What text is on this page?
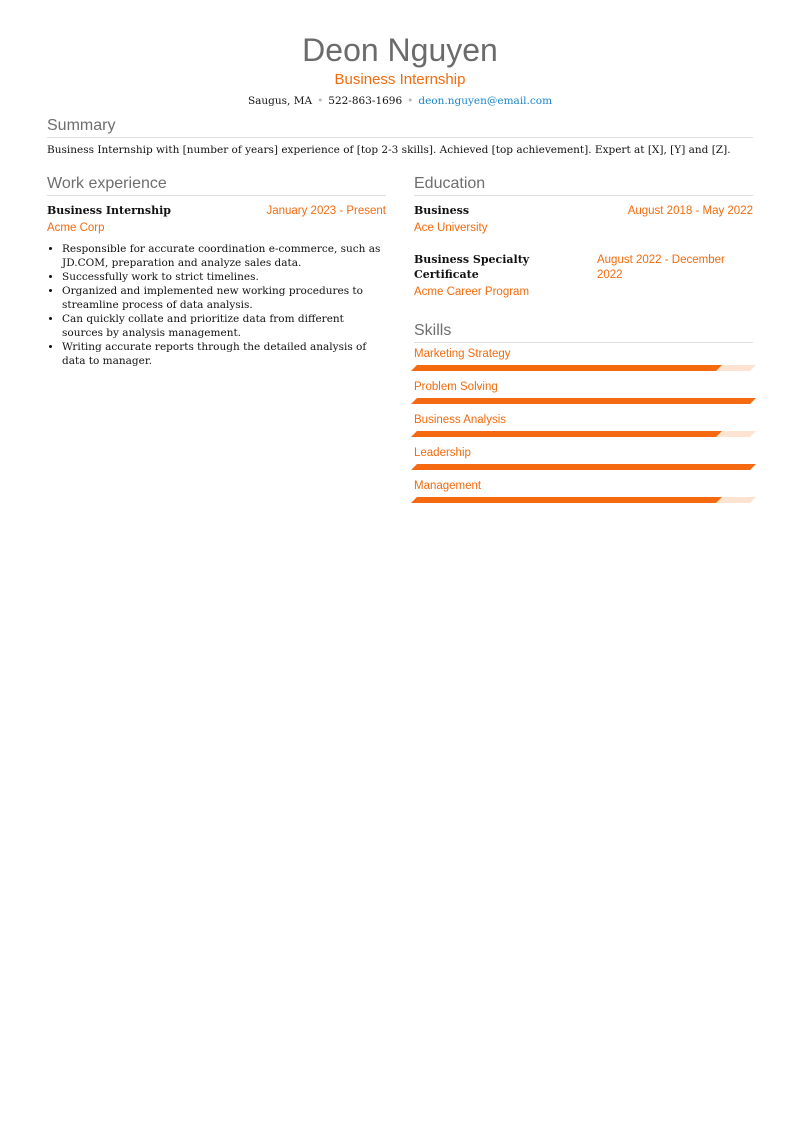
Deon Nguyen
Business Internship
Saugus, MA • 522-863-1696 • deon.nguyen@email.com
Summary

Business Internship with [number of years] experience of [top 2-3 skills]. Achieved [top achievement]. Expert at [X], [Y] and [Z].

Work experience
Business Internship	January 2023 - Present
Acme Corp
• Responsible for accurate coordination e-commerce, such as JD.COM, preparation and analyze sales data.
• Successfully work to strict timelines.
• Organized and implemented new working procedures to streamline process of data analysis.
• Can quickly collate and prioritize data from different sources by analysis management.
• Writing accurate reports through the detailed analysis of data to manager.
Education
Business	August 2018 - May 2022
Ace University
Business Specialty Certificate
August 2022 - December 2022
Acme Career Program
Skills
Marketing Strategy
Problem Solving
Business Analysis
Leadership
Management
